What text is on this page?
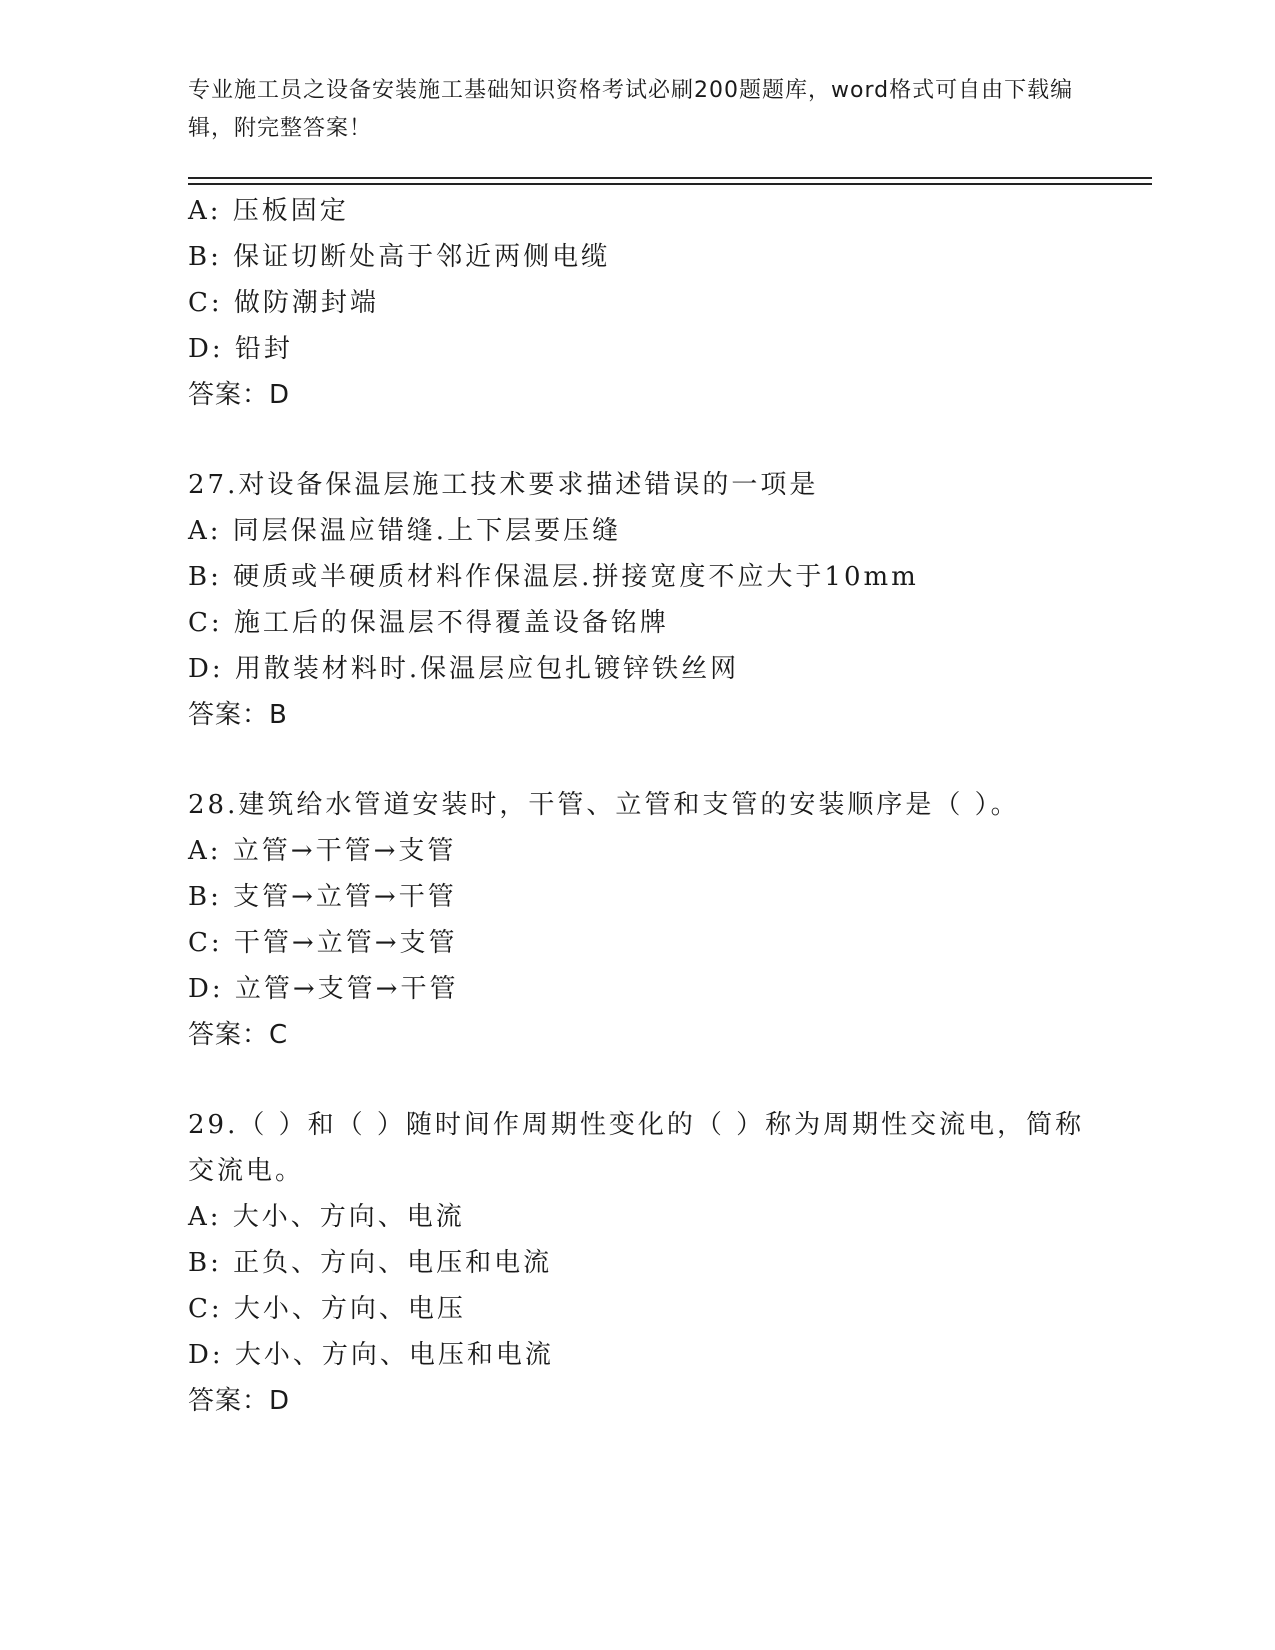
专业施工员之设备安装施工基础知识资格考试必刷200题题库，word格式可自由下载编辑，附完整答案！
A: 压板固定
B: 保证切断处高于邻近两侧电缆
C: 做防潮封端
D: 铅封
答案：D
27.对设备保温层施工技术要求描述错误的一项是
A: 同层保温应错缝.上下层要压缝
B: 硬质或半硬质材料作保温层.拼接宽度不应大于10mm
C: 施工后的保温层不得覆盖设备铭牌
D: 用散装材料时.保温层应包扎镀锌铁丝网
答案：B
28.建筑给水管道安装时，干管、立管和支管的安装顺序是（ ）。
A: 立管→干管→支管
B: 支管→立管→干管
C: 干管→立管→支管
D: 立管→支管→干管
答案：C
29.（ ）和（ ）随时间作周期性变化的（ ）称为周期性交流电，简称交流电。
A: 大小、方向、电流
B: 正负、方向、电压和电流
C: 大小、方向、电压
D: 大小、方向、电压和电流
答案：D
